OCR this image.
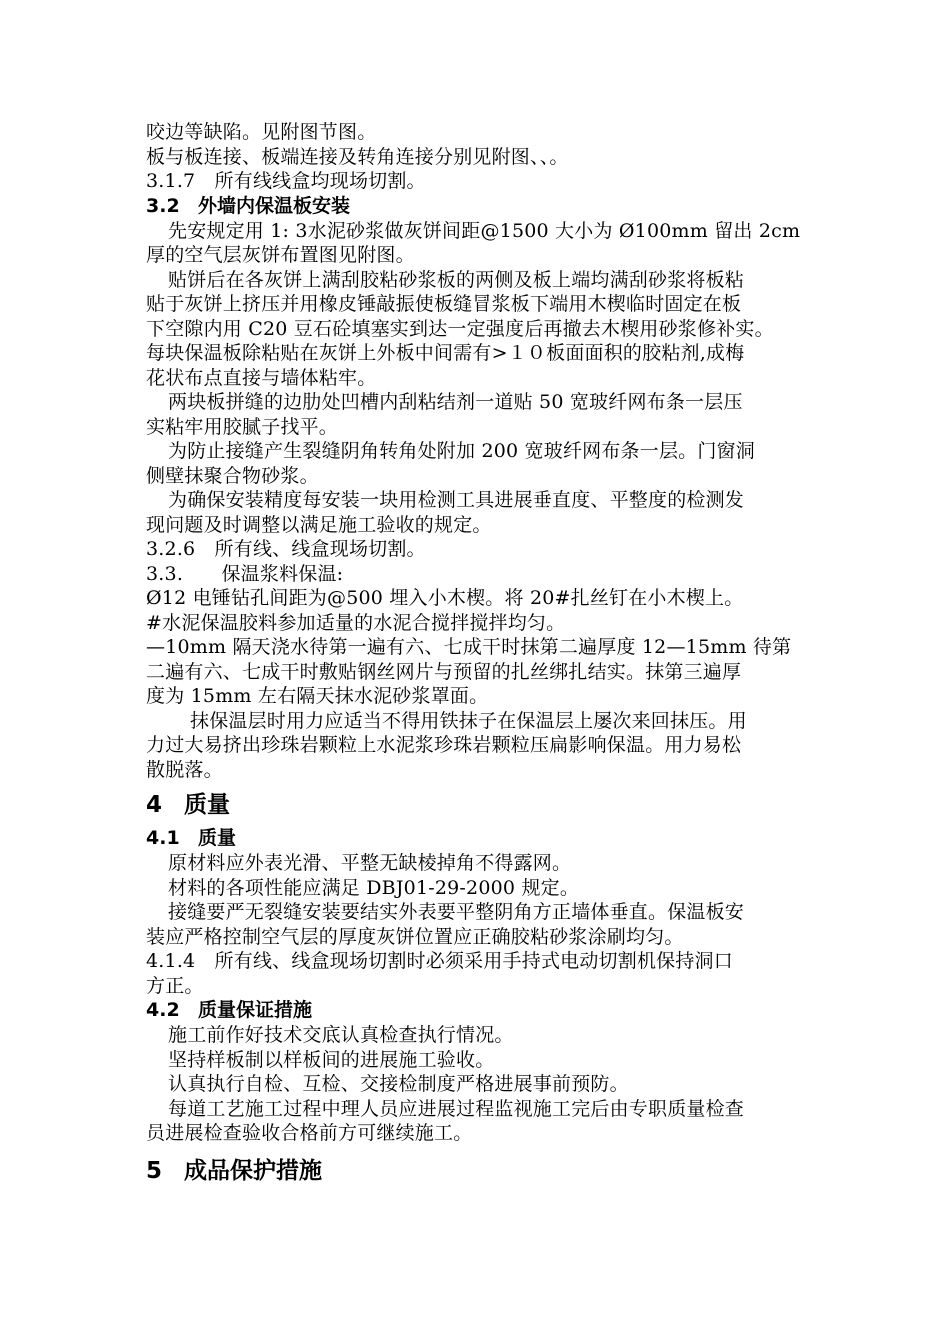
咬边等缺陷。见附图节图。
板与板连接、板端连接及转角连接分别见附图、、。
3.1.7　所有线线盒均现场切割。
3.2 外墙内保温板安装
先安规定用 1: 3水泥砂浆做灰饼间距@1500 大小为 Ø100mm 留出 2cm
厚的空气层灰饼布置图见附图。
贴饼后在各灰饼上满刮胶粘砂浆板的两侧及板上端均满刮砂浆将板粘
贴于灰饼上挤压并用橡皮锤敲振使板缝冒浆板下端用木楔临时固定在板
下空隙内用 C20 豆石砼填塞实到达一定强度后再撤去木楔用砂浆修补实。
每块保温板除粘贴在灰饼上外板中间需有>１０板面面积的胶粘剂,成梅
花状布点直接与墙体粘牢。
两块板拼缝的边肋处凹槽内刮粘结剂一道贴 50 宽玻纤网布条一层压
实粘牢用胶腻子找平。
为防止接缝产生裂缝阴角转角处附加 200 宽玻纤网布条一层。门窗洞
侧壁抹聚合物砂浆。
为确保安装精度每安装一块用检测工具进展垂直度、平整度的检测发
现问题及时调整以满足施工验收的规定。
3.2.6　所有线、线盒现场切割。
3.3.　　保温浆料保温:
Ø12 电锤钻孔间距为@500 埋入小木楔。将 20#扎丝钉在小木楔上。
#水泥保温胶料参加适量的水泥合搅拌搅拌均匀。
—10mm 隔天浇水待第一遍有六、七成干时抹第二遍厚度 12—15mm 待第
二遍有六、七成干时敷贴钢丝网片与预留的扎丝绑扎结实。抹第三遍厚
度为 15mm 左右隔天抹水泥砂浆罩面。
抹保温层时用力应适当不得用铁抹子在保温层上屡次来回抹压。用
力过大易挤出珍珠岩颗粒上水泥浆珍珠岩颗粒压扁影响保温。用力易松
散脱落。
4 质量
4.1 质量
原材料应外表光滑、平整无缺棱掉角不得露网。
材料的各项性能应满足 DBJ01-29-2000 规定。
接缝要严无裂缝安装要结实外表要平整阴角方正墙体垂直。保温板安
装应严格控制空气层的厚度灰饼位置应正确胶粘砂浆涂刷均匀。
4.1.4　所有线、线盒现场切割时必须采用手持式电动切割机保持洞口
方正。
4.2 质量保证措施
施工前作好技术交底认真检查执行情况。
坚持样板制以样板间的进展施工验收。
认真执行自检、互检、交接检制度严格进展事前预防。
每道工艺施工过程中理人员应进展过程监视施工完后由专职质量检查
员进展检查验收合格前方可继续施工。
5 成品保护措施
